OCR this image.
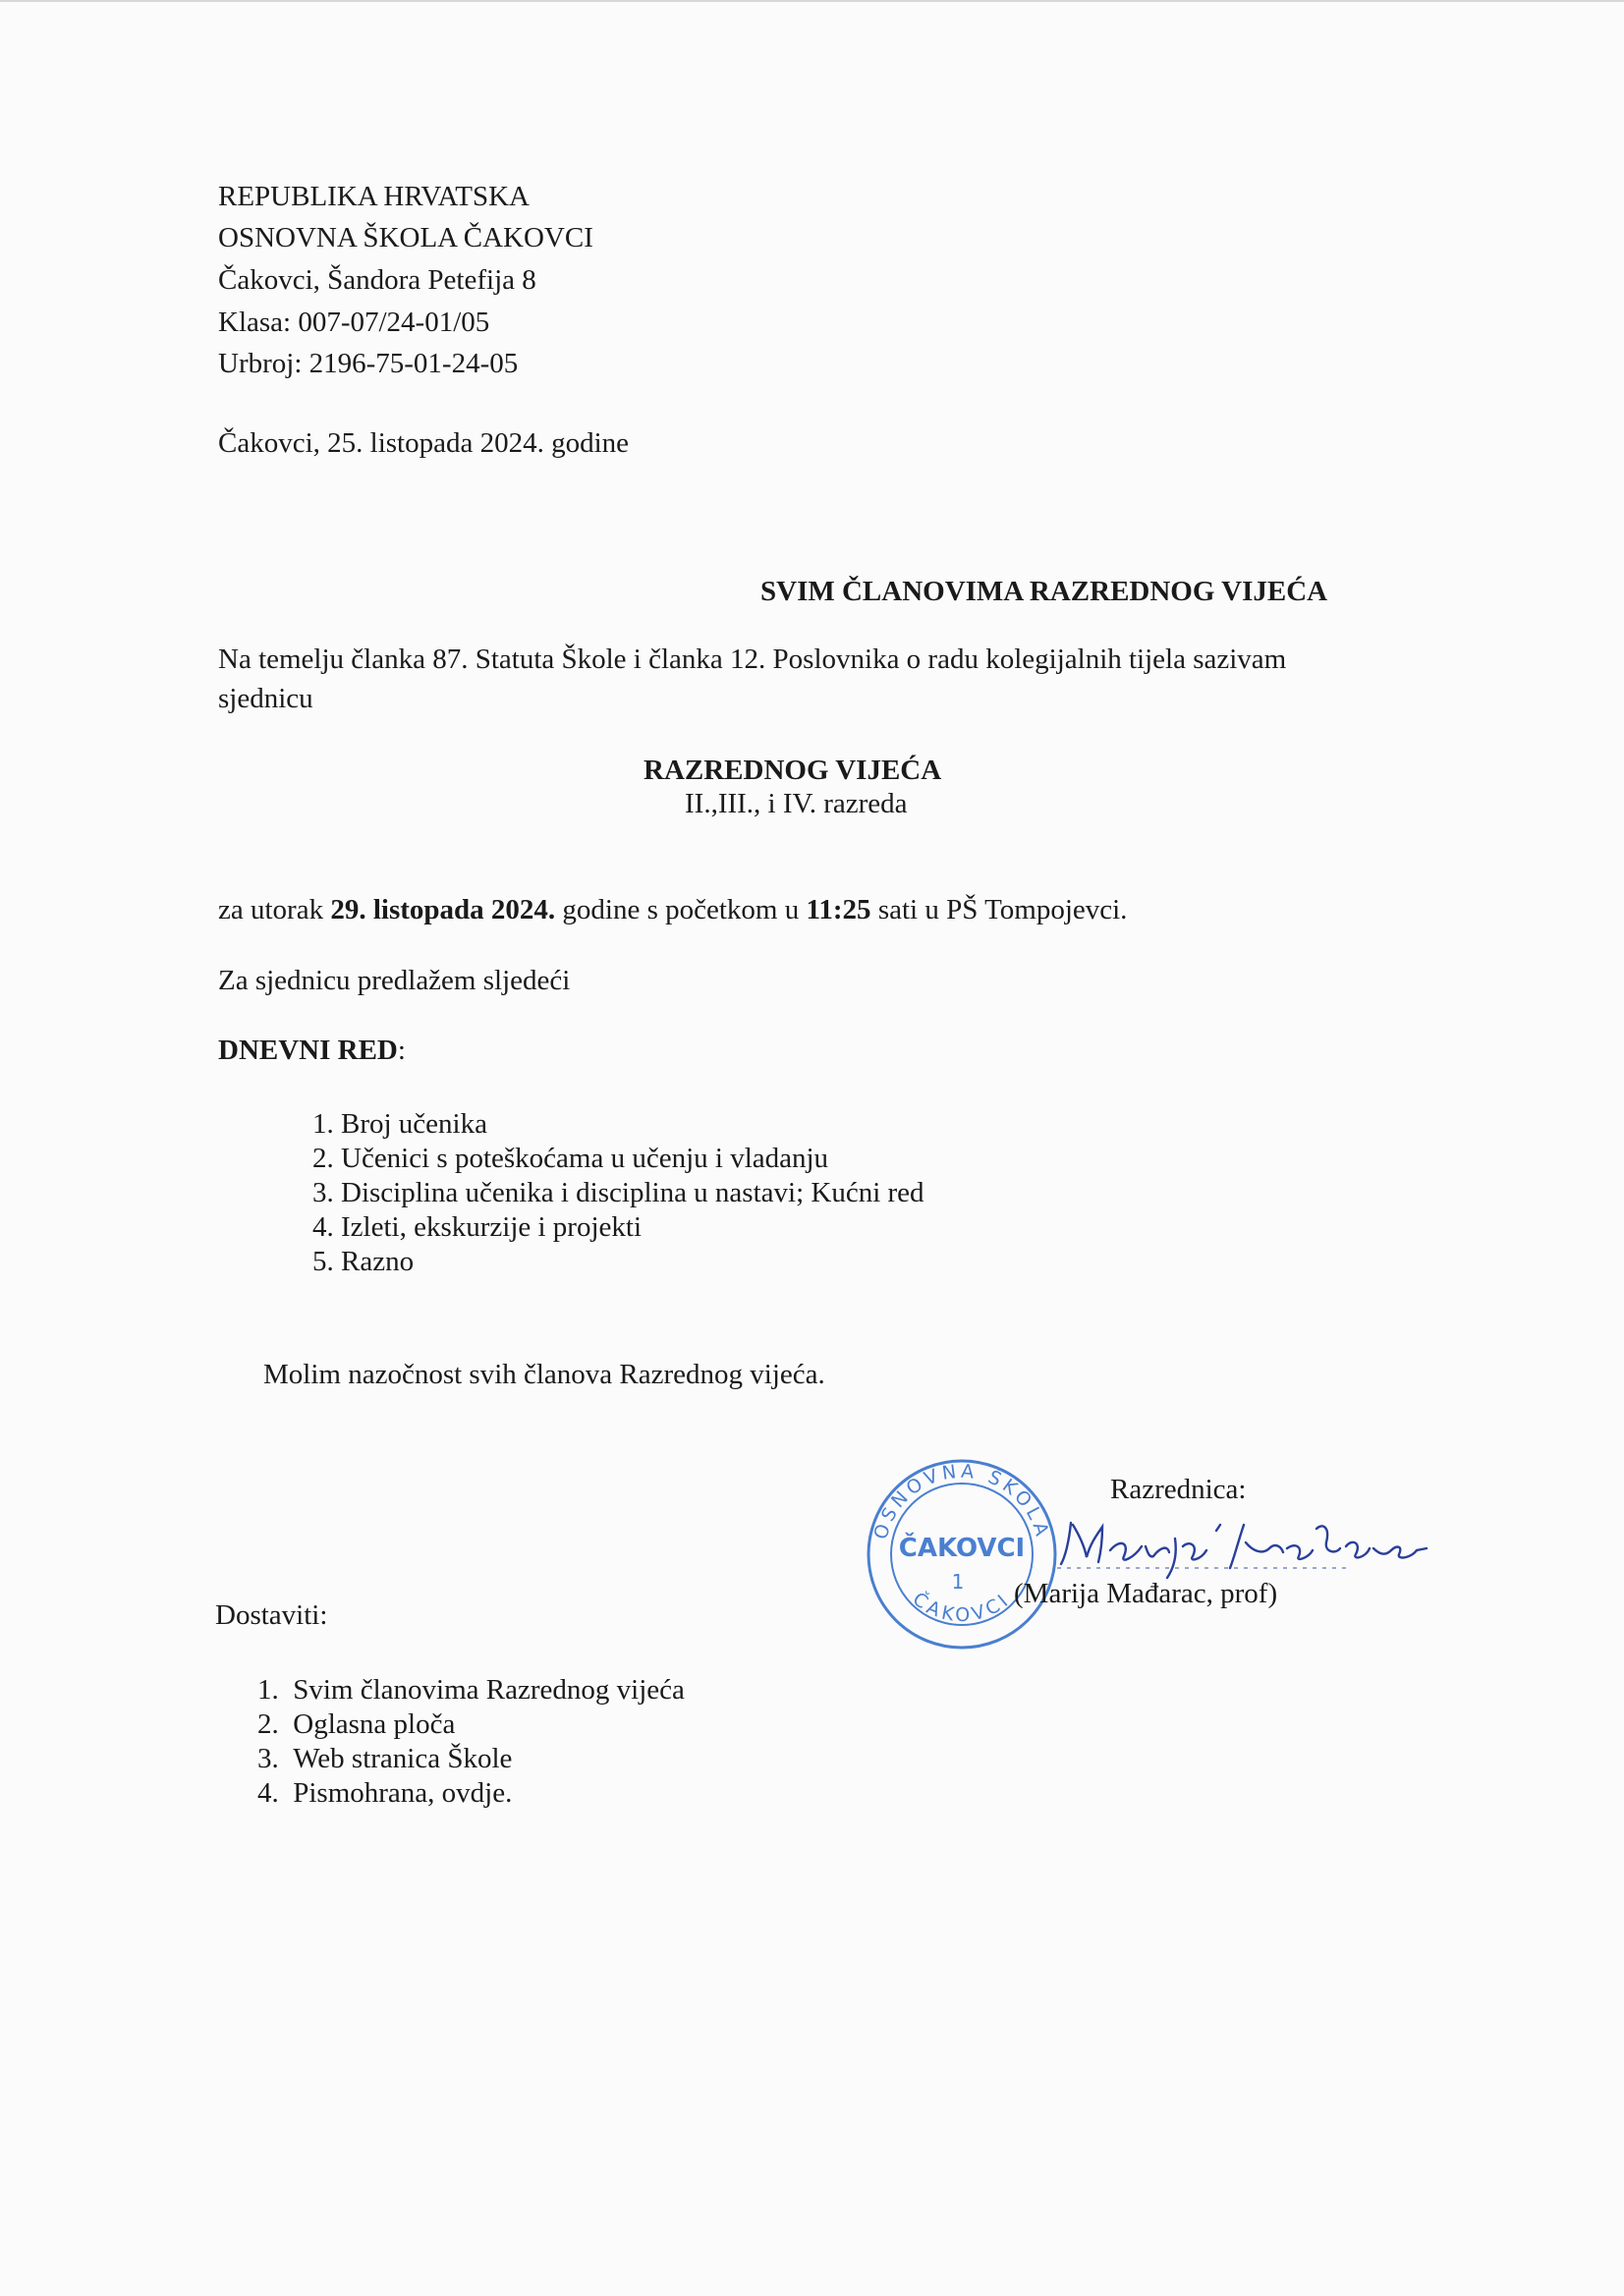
REPUBLIKA HRVATSKA
OSNOVNA ŠKOLA ČAKOVCI
Čakovci, Šandora Petefija 8
Klasa: 007-07/24-01/05
Urbroj: 2196-75-01-24-05
Čakovci, 25. listopada 2024. godine
SVIM ČLANOVIMA RAZREDNOG VIJEĆA
Na temelju članka 87. Statuta Škole i članka 12. Poslovnika o radu kolegijalnih tijela sazivam
sjednicu
RAZREDNOG VIJEĆA
II.,III., i IV. razreda
za utorak 29. listopada 2024. godine s početkom u 11:25 sati u PŠ Tompojevci.
Za sjednicu predlažem sljedeći
DNEVNI RED:
1. Broj učenika
2. Učenici s poteškoćama u učenju i vladanju
3. Disciplina učenika i disciplina u nastavi; Kućni red
4. Izleti, ekskurzije i projekti
5. Razno
Molim nazočnost svih članova Razrednog vijeća.
OSNOVNA ŠKOLA
ČAKOVCI
ČAKOVCI
1
Razrednica:
(Marija Mađarac, prof)
Dostaviti:
1. Svim članovima Razrednog vijeća
2. Oglasna ploča
3. Web stranica Škole
4. Pismohrana, ovdje.
